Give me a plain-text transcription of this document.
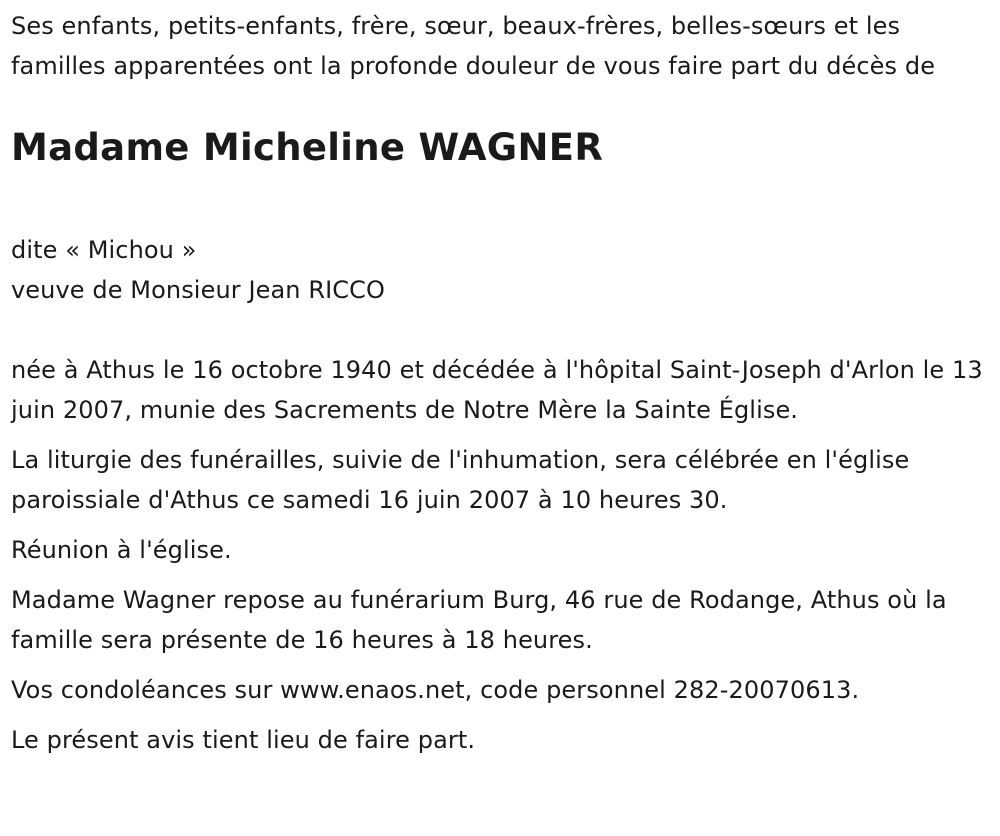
Ses enfants, petits-enfants, frère, sœur, beaux-frères, belles-sœurs et les familles apparentées ont la profonde douleur de vous faire part du décès de

Madame Micheline WAGNER
dite « Michou »
veuve de Monsieur Jean RICCO

née à Athus le 16 octobre 1940 et décédée à l'hôpital Saint-Joseph d'Arlon le 13 juin 2007, munie des Sacrements de Notre Mère la Sainte Église.

La liturgie des funérailles, suivie de l'inhumation, sera célébrée en l'église paroissiale d'Athus ce samedi 16 juin 2007 à 10 heures 30.

Réunion à l'église.

Madame Wagner repose au funérarium Burg, 46 rue de Rodange, Athus où la famille sera présente de 16 heures à 18 heures.

Vos condoléances sur www.enaos.net, code personnel 282-20070613.

Le présent avis tient lieu de faire part.
